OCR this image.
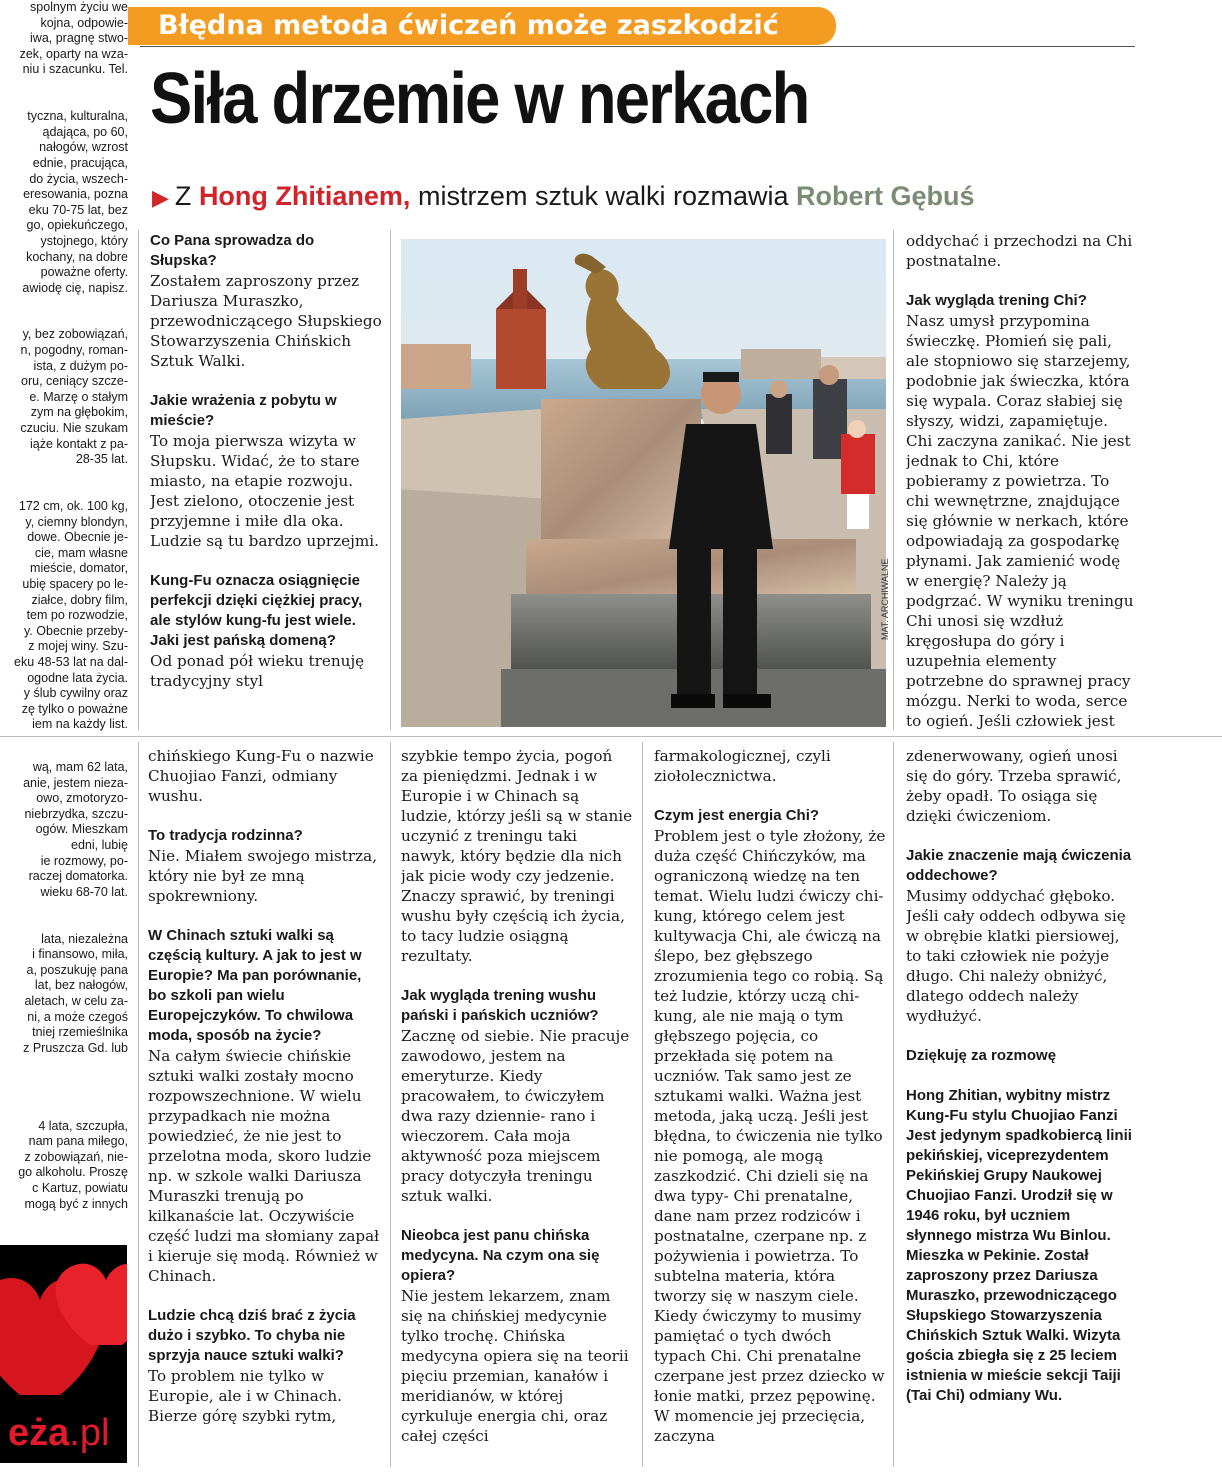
spolnym życiu we
kojna, odpowie-
iwa, pragnę stwo-
zek, oparty na wza-
niu i szacunku. Tel.

tyczna, kulturalna,
ądająca, po 60,
nałogów, wzrost
ednie, pracująca,
do życia, wszech-
eresowania, pozna
eku 70-75 lat, bez
go, opiekuńczego,
ystojnego, który
kochany, na dobre
poważne oferty.
awiodę cię, napisz.

y, bez zobowiązań,
n, pogodny, roman-
ista, z dużym po-
oru, ceniący szcze-
e. Marzę o stałym
zym na głębokim,
czuciu. Nie szukam
iąże kontakt z pa-
28-35 lat.

172 cm, ok. 100 kg,
y, ciemny blondyn,
dowe. Obecnie je-
cie, mam własne
mieście, domator,
ubię spacery po le-
ziałce, dobry film,
tem po rozwodzie,
y. Obecnie przeby-
z mojej winy. Szu-
eku 48-53 lat na dal-
ogodne lata życia.
y ślub cywilny oraz
zę tylko o poważne
iem na każdy list.
wą, mam 62 lata,
anie, jestem nieza-
owo, zmotoryzo-
niebrzydka, szczu-
ogów. Mieszkam
edni, lubię
ie rozmowy, po-
raczej domatorka.
wieku 68-70 lat.

lata, niezależna
i finansowo, miła,
a, poszukuję pana
lat, bez nałogów,
aletach, w celu za-
ni, a może czegoś
tniej rzemieślnika
z Pruszcza Gd. lub

4 lata, szczupła,
nam pana miłego,
z zobowiązań, nie-
go alkoholu. Proszę
c Kartuz, powiatu
mogą być z innych
eża.pl
Błędna metoda ćwiczeń może zaszkodzić
Siła drzemie w nerkach
▶ Z Hong Zhitianem, mistrzem sztuk walki rozmawia Robert Gębuś
MAT. ARCHIWALNE

Co Pana sprowadza do Słupska?
Zostałem zaproszony przez Dariusza Muraszko, przewodniczącego Słupskiego Stowarzyszenia Chińskich Sztuk Walki.

Jakie wrażenia z pobytu w mieście?
To moja pierwsza wizyta w Słupsku. Widać, że to stare miasto, na etapie rozwoju. Jest zielono, otoczenie jest przyjemne i miłe dla oka. Ludzie są tu bardzo uprzejmi.

Kung-Fu oznacza osiągnięcie perfekcji dzięki ciężkiej pracy, ale stylów kung-fu jest wiele. Jaki jest pańską domeną?
Od ponad pół wieku trenuję tradycyjny styl

oddychać i przechodzi na Chi postnatalne.

Jak wygląda trening Chi?
Nasz umysł przypomina świeczkę. Płomień się pali, ale stopniowo się starzejemy, podobnie jak świeczka, która się wypala. Coraz słabiej się słyszy, widzi, zapamiętuje. Chi zaczyna zanikać. Nie jest jednak to Chi, które pobieramy z powietrza. To chi wewnętrzne, znajdujące się głównie w nerkach, które odpowiadają za gospodarkę płynami. Jak zamienić wodę w energię? Należy ją podgrzać. W wyniku treningu Chi unosi się wzdłuż kręgosłupa do góry i uzupełnia elementy potrzebne do sprawnej pracy mózgu. Nerki to woda, serce to ogień. Jeśli człowiek jest

chińskiego Kung-Fu o nazwie Chuojiao Fanzi, odmiany wushu.

To tradycja rodzinna?
Nie. Miałem swojego mistrza, który nie był ze mną spokrewniony.

W Chinach sztuki walki są częścią kultury. A jak to jest w Europie? Ma pan porównanie, bo szkoli pan wielu Europejczyków. To chwilowa moda, sposób na życie?
Na całym świecie chińskie sztuki walki zostały mocno rozpowszechnione. W wielu przypadkach nie można powiedzieć, że nie jest to przelotna moda, skoro ludzie np. w szkole walki Dariusza Muraszki trenują po kilkanaście lat. Oczywiście część ludzi ma słomiany zapał i kieruje się modą. Również w Chinach.

Ludzie chcą dziś brać z życia dużo i szybko. To chyba nie sprzyja nauce sztuki walki?
To problem nie tylko w Europie, ale i w Chinach. Bierze górę szybki rytm,

szybkie tempo życia, pogoń za pieniędzmi. Jednak i w Europie i w Chinach są ludzie, którzy jeśli są w stanie uczynić z treningu taki nawyk, który będzie dla nich jak picie wody czy jedzenie. Znaczy sprawić, by treningi wushu były częścią ich życia, to tacy ludzie osiągną rezultaty.

Jak wygląda trening wushu pański i pańskich uczniów?
Zacznę od siebie. Nie pracuje zawodowo, jestem na emeryturze. Kiedy pracowałem, to ćwiczyłem dwa razy dziennie- rano i wieczorem. Cała moja aktywność poza miejscem pracy dotyczyła treningu sztuk walki.

Nieobca jest panu chińska medycyna. Na czym ona się opiera?
Nie jestem lekarzem, znam się na chińskiej medycynie tylko trochę. Chińska medycyna opiera się na teorii pięciu przemian, kanałów i meridianów, w której cyrkuluje energia chi, oraz całej części

farmakologicznej, czyli ziołolecznictwa.

Czym jest energia Chi?
Problem jest o tyle złożony, że duża część Chińczyków, ma ograniczoną wiedzę na ten temat. Wielu ludzi ćwiczy chi-kung, którego celem jest kultywacja Chi, ale ćwiczą na ślepo, bez głębszego zrozumienia tego co robią. Są też ludzie, którzy uczą chi-kung, ale nie mają o tym głębszego pojęcia, co przekłada się potem na uczniów. Tak samo jest ze sztukami walki. Ważna jest metoda, jaką uczą. Jeśli jest błędna, to ćwiczenia nie tylko nie pomogą, ale mogą zaszkodzić. Chi dzieli się na dwa typy- Chi prenatalne, dane nam przez rodziców i postnatalne, czerpane np. z pożywienia i powietrza. To subtelna materia, która tworzy się w naszym ciele. Kiedy ćwiczymy to musimy pamiętać o tych dwóch typach Chi. Chi prenatalne czerpane jest przez dziecko w łonie matki, przez pępowinę. W momencie jej przecięcia, zaczyna

zdenerwowany, ogień unosi się do góry. Trzeba sprawić, żeby opadł. To osiąga się dzięki ćwiczeniom.

Jakie znaczenie mają ćwiczenia oddechowe?
Musimy oddychać głęboko. Jeśli cały oddech odbywa się w obrębie klatki piersiowej, to taki człowiek nie pożyje długo. Chi należy obniżyć, dlatego oddech należy wydłużyć.

Dziękuję za rozmowę

Hong Zhitian, wybitny mistrz Kung-Fu stylu Chuojiao Fanzi Jest jedynym spadkobiercą linii pekińskiej, viceprezydentem Pekińskiej Grupy Naukowej Chuojiao Fanzi. Urodził się w 1946 roku, był uczniem słynnego mistrza Wu Binlou. Mieszka w Pekinie. Został zaproszony przez Dariusza Muraszko, przewodniczącego Słupskiego Stowarzyszenia Chińskich Sztuk Walki. Wizyta gościa zbiegła się z 25 leciem istnienia w mieście sekcji Taiji (Tai Chi) odmiany Wu.
